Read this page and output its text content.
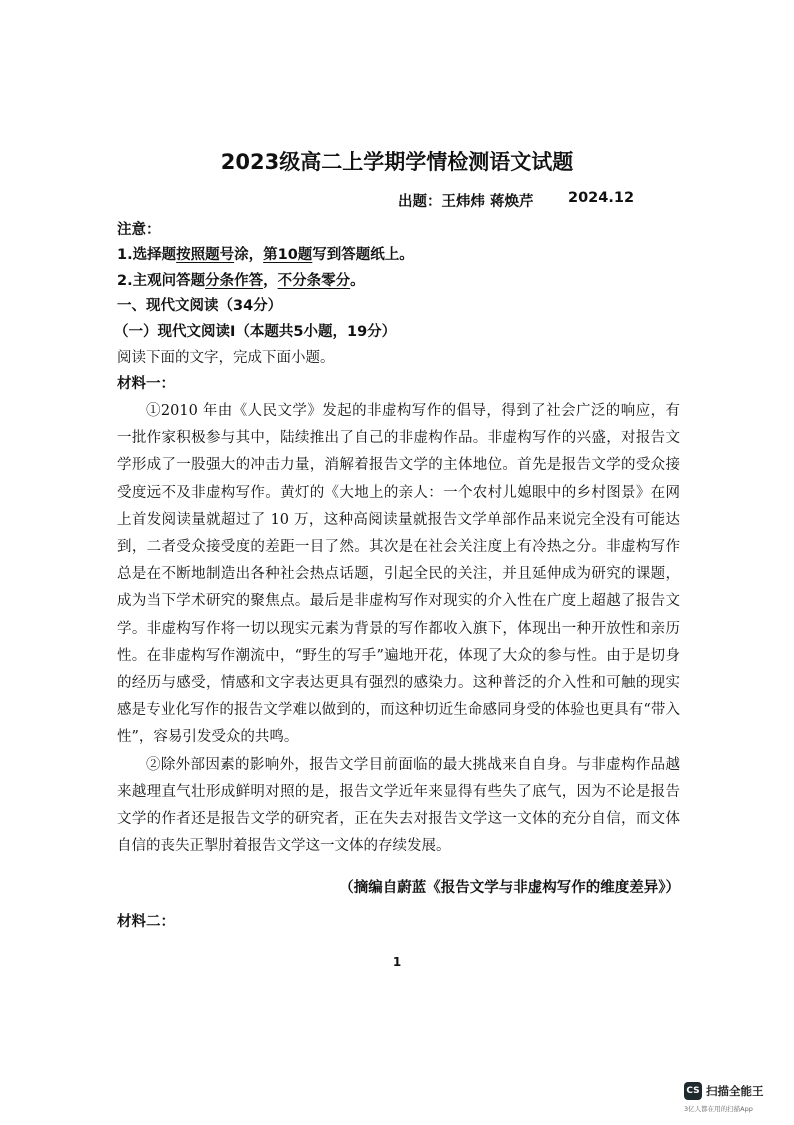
2023级高二上学期学情检测语文试题
出题：王炜炜 蒋焕芹 2024.12
注意：
1.选择题按照题号涂，第10题写到答题纸上。
2.主观问答题分条作答，不分条零分。
一、现代文阅读（34分）
（一）现代文阅读Ⅰ（本题共5小题，19分）
阅读下面的文字，完成下面小题。
材料一：

①2010 年由《人民文学》发起的非虚构写作的倡导，得到了社会广泛的响应，有一批作家积极参与其中，陆续推出了自己的非虚构作品。非虚构写作的兴盛，对报告文学形成了一股强大的冲击力量，消解着报告文学的主体地位。首先是报告文学的受众接受度远不及非虚构写作。黄灯的《大地上的亲人：一个农村儿媳眼中的乡村图景》在网上首发阅读量就超过了 10 万，这种高阅读量就报告文学单部作品来说完全没有可能达到，二者受众接受度的差距一目了然。其次是在社会关注度上有冷热之分。非虚构写作总是在不断地制造出各种社会热点话题，引起全民的关注，并且延伸成为研究的课题，成为当下学术研究的聚焦点。最后是非虚构写作对现实的介入性在广度上超越了报告文学。非虚构写作将一切以现实元素为背景的写作都收入旗下，体现出一种开放性和亲历性。在非虚构写作潮流中，“野生的写手”遍地开花，体现了大众的参与性。由于是切身的经历与感受，情感和文字表达更具有强烈的感染力。这种普泛的介入性和可触的现实感是专业化写作的报告文学难以做到的，而这种切近生命感同身受的体验也更具有“带入性”，容易引发受众的共鸣。

②除外部因素的影响外，报告文学目前面临的最大挑战来自自身。与非虚构作品越来越理直气壮形成鲜明对照的是，报告文学近年来显得有些失了底气，因为不论是报告文学的作者还是报告文学的研究者，正在失去对报告文学这一文体的充分自信，而文体自信的丧失正掣肘着报告文学这一文体的存续发展。

（摘编自蔚蓝《报告文学与非虚构写作的维度差异》）
材料二：
1
CS 扫描全能王
3亿人都在用的扫描App
